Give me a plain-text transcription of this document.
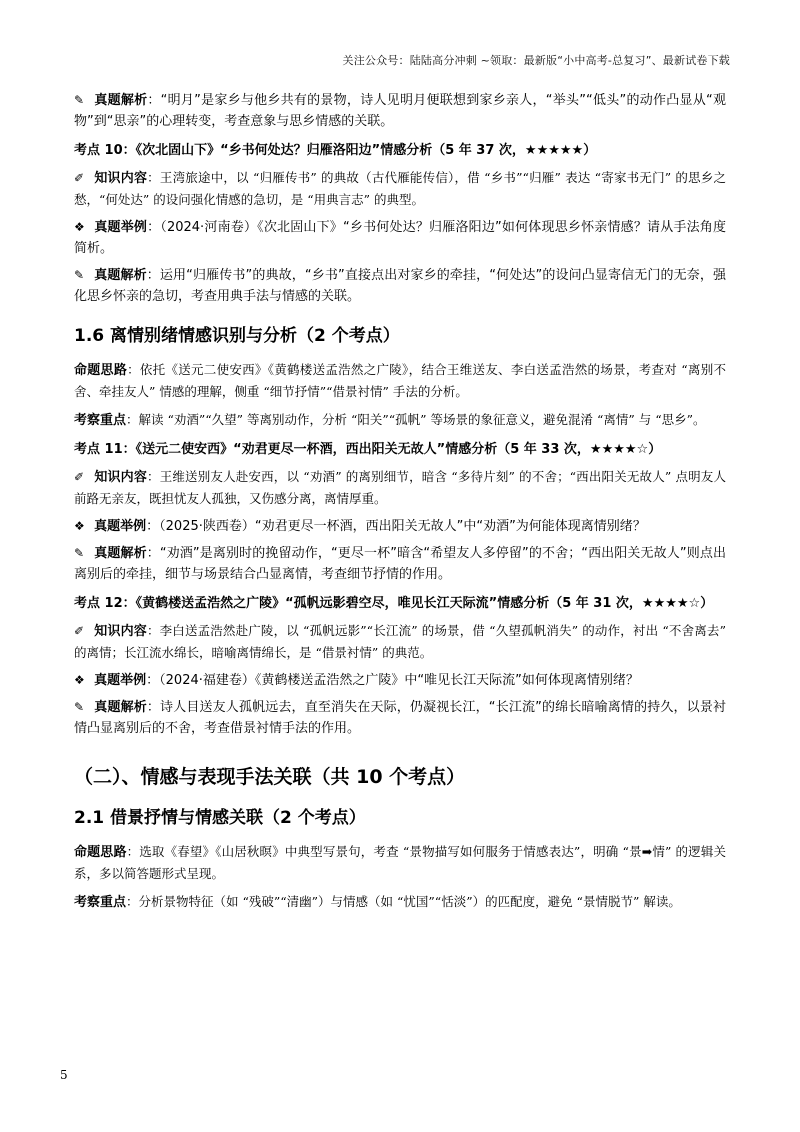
关注公众号：陆陆高分冲刺 ~领取：最新版“小中高考-总复习”、最新试卷下载

✎ 真题解析：“明月”是家乡与他乡共有的景物，诗人见明月便联想到家乡亲人，“举头”“低头”的动作凸显从“观物”到“思亲”的心理转变，考查意象与思乡情感的关联。

考点 10：《次北固山下》“乡书何处达？归雁洛阳边”情感分析（5 年 37 次，★★★★★）

✐ 知识内容：王湾旅途中，以 “归雁传书” 的典故（古代雁能传信），借 “乡书”“归雁” 表达 “寄家书无门” 的思乡之愁，“何处达” 的设问强化情感的急切，是 “用典言志” 的典型。

❖ 真题举例：（2024·河南卷）《次北固山下》“乡书何处达？归雁洛阳边”如何体现思乡怀亲情感？请从手法角度简析。

✎ 真题解析：运用“归雁传书”的典故，“乡书”直接点出对家乡的牵挂，“何处达”的设问凸显寄信无门的无奈，强化思乡怀亲的急切，考查用典手法与情感的关联。

1.6 离情别绪情感识别与分析（2 个考点）

命题思路：依托《送元二使安西》《黄鹤楼送孟浩然之广陵》，结合王维送友、李白送孟浩然的场景，考查对 “离别不舍、牵挂友人” 情感的理解，侧重 “细节抒情”“借景衬情” 手法的分析。

考察重点：解读 “劝酒”“久望” 等离别动作，分析 “阳关”“孤帆” 等场景的象征意义，避免混淆 “离情” 与 “思乡”。

考点 11：《送元二使安西》“劝君更尽一杯酒，西出阳关无故人”情感分析（5 年 33 次，★★★★☆）

✐ 知识内容：王维送别友人赴安西，以 “劝酒” 的离别细节，暗含 “多待片刻” 的不舍；“西出阳关无故人” 点明友人前路无亲友，既担忧友人孤独，又伤感分离，离情厚重。

❖ 真题举例：（2025·陕西卷）“劝君更尽一杯酒，西出阳关无故人”中“劝酒”为何能体现离情别绪？

✎ 真题解析：“劝酒”是离别时的挽留动作，“更尽一杯”暗含“希望友人多停留”的不舍；“西出阳关无故人”则点出离别后的牵挂，细节与场景结合凸显离情，考查细节抒情的作用。

考点 12：《黄鹤楼送孟浩然之广陵》“孤帆远影碧空尽，唯见长江天际流”情感分析（5 年 31 次，★★★★☆）

✐ 知识内容：李白送孟浩然赴广陵，以 “孤帆远影”“长江流” 的场景，借 “久望孤帆消失” 的动作，衬出 “不舍离去” 的离情；长江流水绵长，暗喻离情绵长，是 “借景衬情” 的典范。

❖ 真题举例：（2024·福建卷）《黄鹤楼送孟浩然之广陵》中“唯见长江天际流”如何体现离情别绪？

✎ 真题解析：诗人目送友人孤帆远去，直至消失在天际，仍凝视长江，“长江流”的绵长暗喻离情的持久，以景衬情凸显离别后的不舍，考查借景衬情手法的作用。

（二）、情感与表现手法关联（共 10 个考点）
2.1 借景抒情与情感关联（2 个考点）

命题思路：选取《春望》《山居秋暝》中典型写景句，考查 “景物描写如何服务于情感表达”，明确 “景➡情” 的逻辑关系，多以简答题形式呈现。

考察重点：分析景物特征（如 “残破”“清幽”）与情感（如 “忧国”“恬淡”）的匹配度，避免 “景情脱节” 解读。

5
